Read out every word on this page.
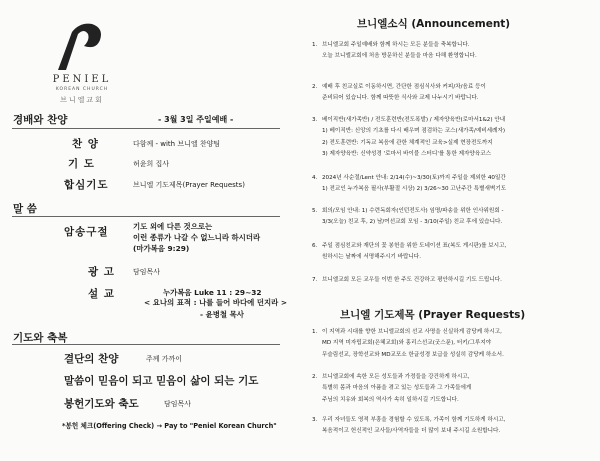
PENIEL
KOREAN CHURCH
브니엘교회
경배와 찬양	- 3월 3일 주일예배 -
찬 양	다함께 - with 브니엘 찬양팀
기 도	허윤희 집사
합심기도	브니엘 기도제목(Prayer Requests)
말 씀
암송구절	기도 외에 다른 것으로는
이런 종류가 나갈 수 없느니라 하시더라
(마가복음 9:29)
광 고	담임목사
설 교	누가복음 Luke 11 : 29~32
< 요나의 표적 : 나를 들어 바다에 던지라 >
- 윤병철 목사
기도와 축복
결단의 찬양	주께 가까이
말씀이 믿음이 되고 믿음이 삶이 되는 기도
봉헌기도와 축도	담임목사
*봉헌 체크(Offering Check) → Pay to "Peniel Korean Church"
브니엘소식 (Announcement)
1. 브니엘교회 주일예배와 함께 하시는 모든 분들을 축복합니다.
오늘 브니엘교회에 처음 방문하신 분들을 마음 다해 환영합니다.
2. 예배 후 친교실로 이동하시면, 간단한 점심식사와 커피/차/음료 등이
준비되어 있습니다. 함께 따뜻한 식사와 교제 나누시기 바랍니다.
3. 베이직반(새가족반) / 전도훈련반(전도폭발) / 제자양육반(로마서1&2) 안내
1) 베이직반: 신앙의 기초를 다시 배우며 점검하는 코스(새가족/예비세례자)
2) 전도훈련반: 기독교 복음에 관한 체계적인 교육>실제 현장전도까지
3) 제자양육반: 신약성경 '로마서 바이블 스터디'를 통한 제자양육코스
4. 2024년 사순절/Lent 안내: 2/14(수)~3/30(토)까지 주일을 제외한 40일간
1) 전교인 누가복음 필사(부활절 시상) 2) 3/26~30 고난주간 특별새벽기도
5. 회의/모임 안내: 1) 수련독회자(인턴전도사) 임명/파송을 위한 인사위원회 -
3/3(오늘) 친교 후, 2) 남/여선교회 모임 - 3/10(주일) 친교 후에 있습니다.
6. 주일 점심친교와 재단의 꽃 봉헌을 위한 도네이션 표(복도 게시판)를 보시고,
원하시는 날짜에 서명해주시기 바랍니다.
7. 브니엘교회 모든 교우들 이번 한 주도 건강하고 평안하시길 기도 드립니다.
브니엘 기도제목 (Prayer Requests)
1. 이 지역과 시대를 향한 브니엘교회의 선교 사명을 신실하게 감당케 하시고,
MD 지역 미자립교회(은혜교회)와 홍리스선교(굿스푼), 터키/그루지야
무슬림선교, 장학선교와 MD교포소 한글성경 보급을 성실히 감당케 하소서.
2. 브니엘교회에 속한 모든 성도들과 가정들을 강건하게 하시고,
특별히 몸과 마음의 아픔을 겪고 있는 성도들과 그 가족들에게
주님의 치유와 회복의 역사가 속히 일하시길 기도합니다.
3. 우리 자녀들도 영적 부흥을 경험할 수 있도록, 가족이 함께 기도하게 하시고,
복음적이고 헌신적인 교사들/사역자들을 더 많이 보내 주시길 소원합니다.
